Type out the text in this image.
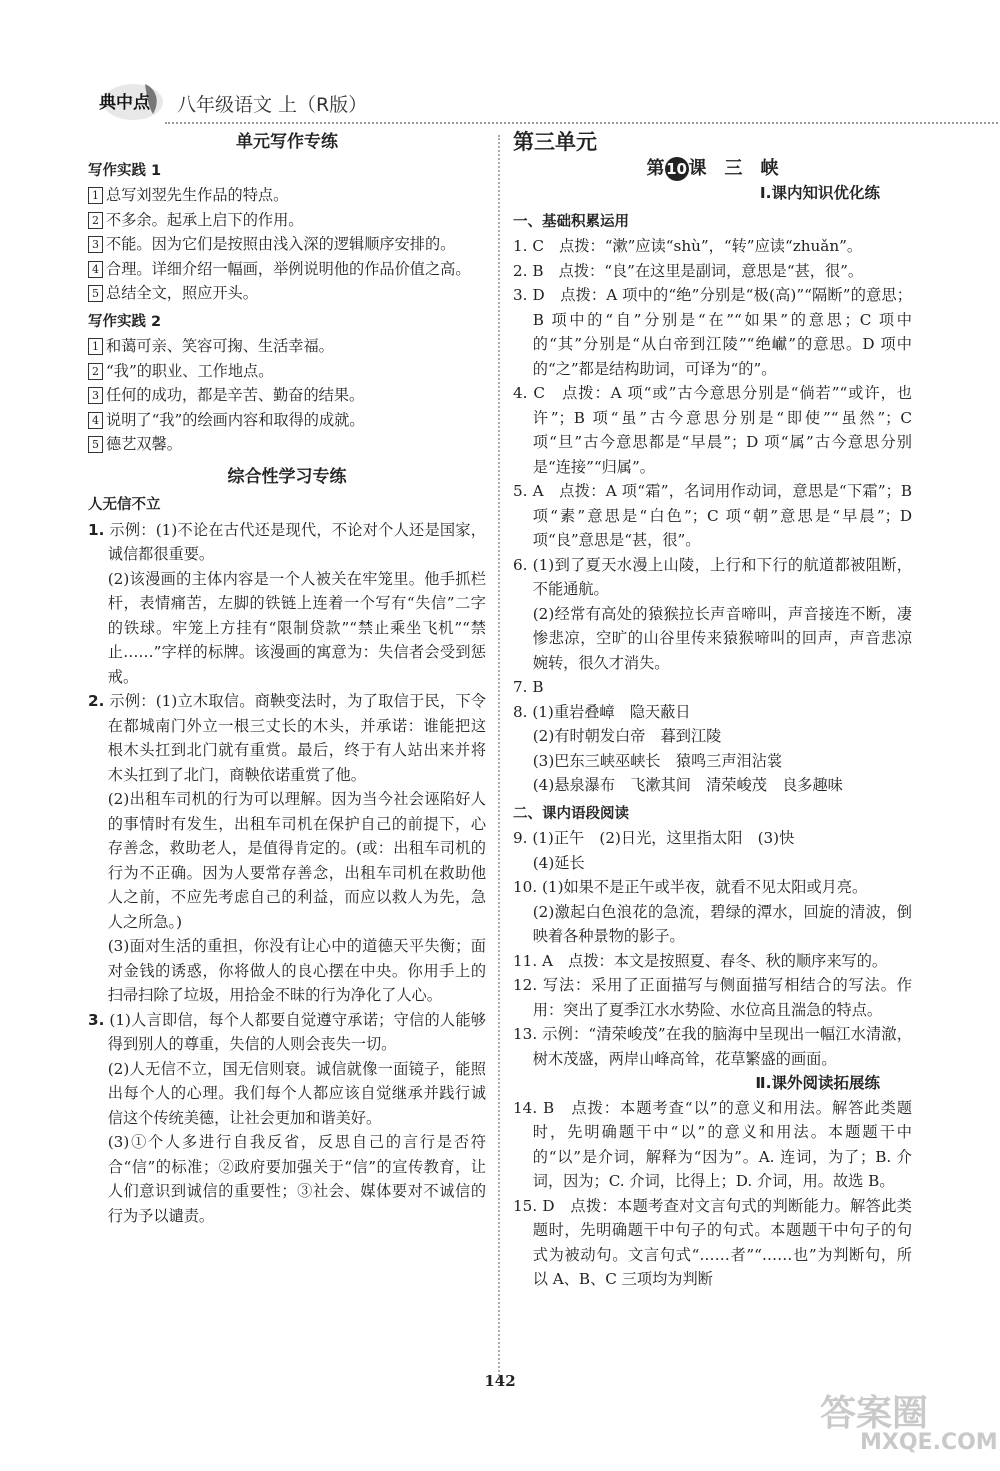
典中点 八年级语文 上（R版）
单元写作专练
写作实践 1

1 总写刘翌先生作品的特点。

2 不多余。起承上启下的作用。

3 不能。因为它们是按照由浅入深的逻辑顺序安排的。

4 合理。详细介绍一幅画，举例说明他的作品价值之高。

5 总结全文，照应开头。

写作实践 2

1 和蔼可亲、笑容可掬、生活幸福。

2 “我”的职业、工作地点。

3 任何的成功，都是辛苦、勤奋的结果。

4 说明了“我”的绘画内容和取得的成就。

5 德艺双馨。

综合性学习专练
人无信不立

1. 示例：(1)不论在古代还是现代，不论对个人还是国家，诚信都很重要。

(2)该漫画的主体内容是一个人被关在牢笼里。他手抓栏杆，表情痛苦，左脚的铁链上连着一个写有“失信”二字的铁球。牢笼上方挂有“限制贷款”“禁止乘坐飞机”“禁止……”字样的标牌。该漫画的寓意为：失信者会受到惩戒。

2. 示例：(1)立木取信。商鞅变法时，为了取信于民，下令在都城南门外立一根三丈长的木头，并承诺：谁能把这根木头扛到北门就有重赏。最后，终于有人站出来并将木头扛到了北门，商鞅依诺重赏了他。

(2)出租车司机的行为可以理解。因为当今社会诬陷好人的事情时有发生，出租车司机在保护自己的前提下，心存善念，救助老人，是值得肯定的。(或：出租车司机的行为不正确。因为人要常存善念，出租车司机在救助他人之前，不应先考虑自己的利益，而应以救人为先，急人之所急。)

(3)面对生活的重担，你没有让心中的道德天平失衡；面对金钱的诱惑，你将做人的良心摆在中央。你用手上的扫帚扫除了垃圾，用拾金不昧的行为净化了人心。

3. (1)人言即信，每个人都要自觉遵守承诺；守信的人能够得到别人的尊重，失信的人则会丧失一切。

(2)人无信不立，国无信则衰。诚信就像一面镜子，能照出每个人的心理。我们每个人都应该自觉继承并践行诚信这个传统美德，让社会更加和谐美好。

(3)①个人多进行自我反省，反思自己的言行是否符合“信”的标准；②政府要加强关于“信”的宣传教育，让人们意识到诚信的重要性；③社会、媒体要对不诚信的行为予以谴责。

第三单元
第 10课　三　峡
Ⅰ.课内知识优化练
一、基础积累运用

1. C　点拨：“漱”应读“shù”，“转”应读“zhuǎn”。

2. B　点拨：“良”在这里是副词，意思是“甚，很”。

3. D　点拨：A 项中的“绝”分别是“极(高)”“隔断”的意思；B 项中的“自”分别是“在”“如果”的意思；C 项中的“其”分别是“从白帝到江陵”“绝𪩘”的意思。D 项中的“之”都是结构助词，可译为“的”。

4. C　点拨：A 项“或”古今意思分别是“倘若”“或许，也许”；B 项“虽”古今意思分别是“即使”“虽然”；C 项“旦”古今意思都是“早晨”；D 项“属”古今意思分别是“连接”“归属”。

5. A　点拨：A 项“霜”，名词用作动词，意思是“下霜”；B 项“素”意思是“白色”；C 项“朝”意思是“早晨”；D 项“良”意思是“甚，很”。

6. (1)到了夏天水漫上山陵，上行和下行的航道都被阻断，不能通航。

(2)经常有高处的猿猴拉长声音啼叫，声音接连不断，凄惨悲凉，空旷的山谷里传来猿猴啼叫的回声，声音悲凉婉转，很久才消失。

7. B

8. (1)重岩叠嶂　隐天蔽日

(2)有时朝发白帝　暮到江陵

(3)巴东三峡巫峡长　猿鸣三声泪沾裳

(4)悬泉瀑布　飞漱其间　清荣峻茂　良多趣味

二、课内语段阅读

9. (1)正午　(2)日光，这里指太阳　(3)快

(4)延长

10. (1)如果不是正午或半夜，就看不见太阳或月亮。

(2)激起白色浪花的急流，碧绿的潭水，回旋的清波，倒映着各种景物的影子。

11. A　点拨：本文是按照夏、春冬、秋的顺序来写的。

12. 写法：采用了正面描写与侧面描写相结合的写法。作用：突出了夏季江水水势险、水位高且湍急的特点。

13. 示例：“清荣峻茂”在我的脑海中呈现出一幅江水清澈，树木茂盛，两岸山峰高耸，花草繁盛的画面。

Ⅱ.课外阅读拓展练

14. B　点拨：本题考查“以”的意义和用法。解答此类题时，先明确题干中“以”的意义和用法。本题题干中的“以”是介词，解释为“因为”。A. 连词，为了；B. 介词，因为；C. 介词，比得上；D. 介词，用。故选 B。

15. D　点拨：本题考查对文言句式的判断能力。解答此类题时，先明确题干中句子的句式。本题题干中句子的句式为被动句。文言句式“……者”“……也”为判断句，所以 A、B、C 三项均为判断

142
答案圈
MXQE.COM
